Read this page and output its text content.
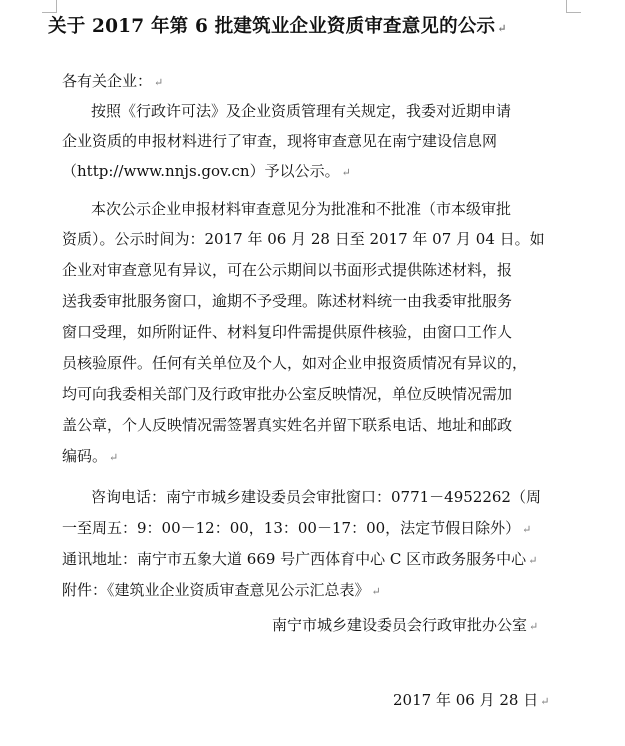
关于 2017 年第 6 批建筑业企业资质审查意见的公示 ↵
各有关企业： ↵
按照《行政许可法》及企业资质管理有关规定，我委对近期申请
企业资质的申报材料进行了审查，现将审查意见在南宁建设信息网
（http://www.nnjs.gov.cn）予以公示。 ↵
本次公示企业申报材料审查意见分为批准和不批准（市本级审批
资质）。公示时间为：2017 年 06 月 28 日至 2017 年 07 月 04 日。如
企业对审查意见有异议，可在公示期间以书面形式提供陈述材料，报
送我委审批服务窗口，逾期不予受理。陈述材料统一由我委审批服务
窗口受理，如所附证件、材料复印件需提供原件核验，由窗口工作人
员核验原件。任何有关单位及个人，如对企业申报资质情况有异议的，
均可向我委相关部门及行政审批办公室反映情况，单位反映情况需加
盖公章，个人反映情况需签署真实姓名并留下联系电话、地址和邮政
编码。 ↵
咨询电话：南宁市城乡建设委员会审批窗口：0771－4952262（周
一至周五：9：00－12：00，13：00－17：00，法定节假日除外） ↵
通讯地址：南宁市五象大道 669 号广西体育中心 C 区市政务服务中心 ↵
附件：《建筑业企业资质审查意见公示汇总表》 ↵
南宁市城乡建设委员会行政审批办公室 ↵
2017 年 06 月 28 日 ↵
